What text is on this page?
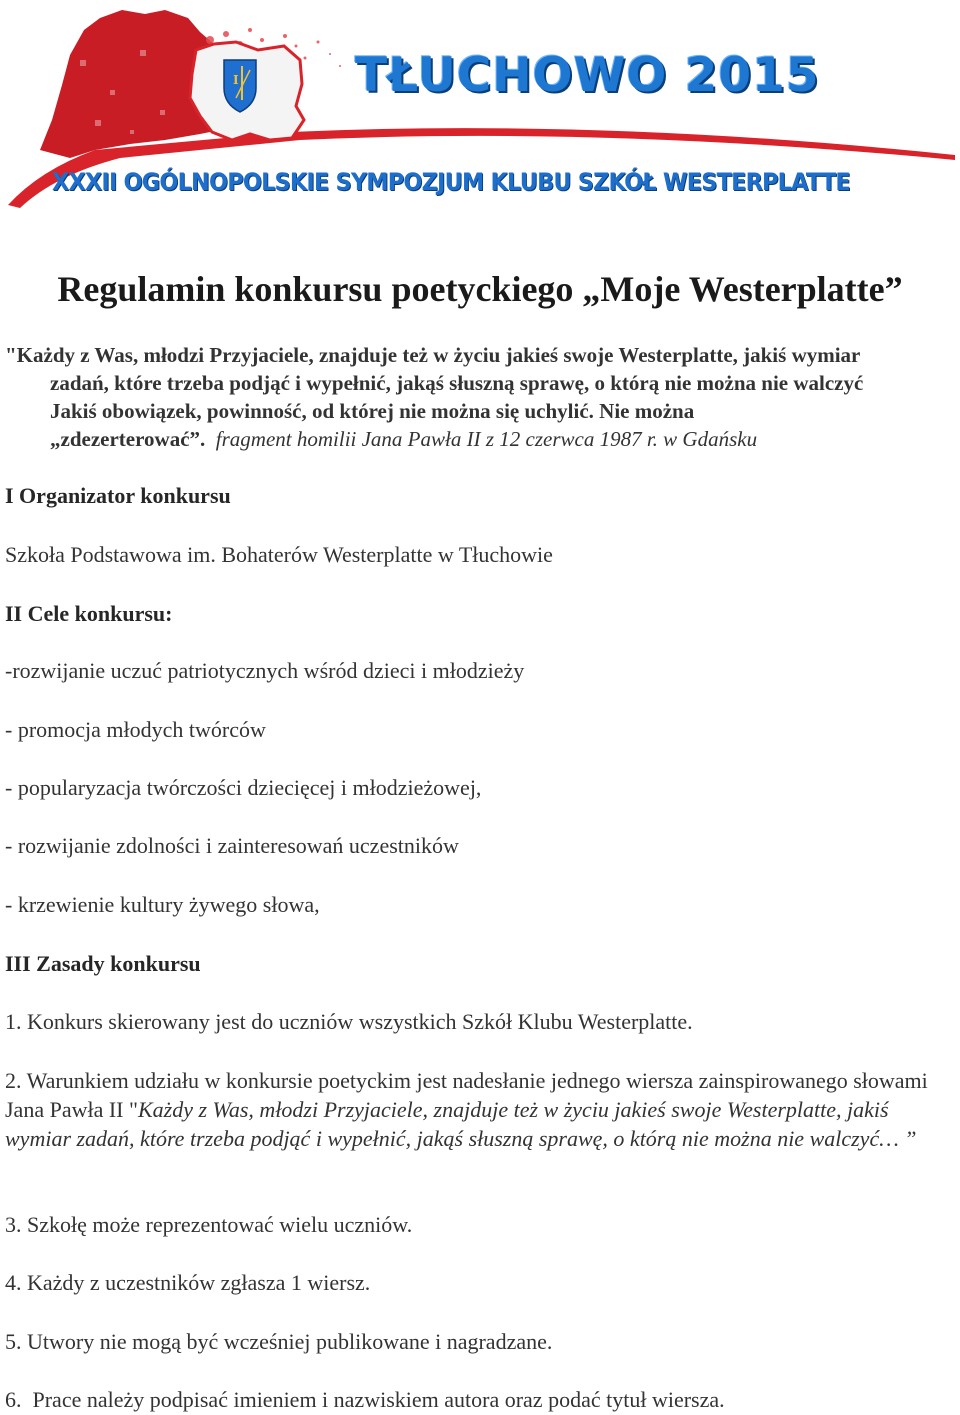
I TŁUCHOWO 2015
XXXII OGÓLNOPOLSKIE SYMPOZJUM KLUBU SZKÓŁ WESTERPLATTE
Regulamin konkursu poetyckiego „Moje Westerplatte”
"Każdy z Was, młodzi Przyjaciele, znajduje też w życiu jakieś swoje Westerplatte, jakiś wymiar
zadań, które trzeba podjąć i wypełnić, jakąś słuszną sprawę, o którą nie można nie walczyć
Jakiś obowiązek, powinność, od której nie można się uchylić. Nie można
„zdezerterować”. fragment homilii Jana Pawła II z 12 czerwca 1987 r. w Gdańsku
I Organizator konkursu
Szkoła Podstawowa im. Bohaterów Westerplatte w Tłuchowie
II Cele konkursu:
-rozwijanie uczuć patriotycznych wśród dzieci i młodzieży
- promocja młodych twórców
- popularyzacja twórczości dziecięcej i młodzieżowej,
- rozwijanie zdolności i zainteresowań uczestników
- krzewienie kultury żywego słowa,
III Zasady konkursu
1. Konkurs skierowany jest do uczniów wszystkich Szkół Klubu Westerplatte.
2. Warunkiem udziału w konkursie poetyckim jest nadesłanie jednego wiersza zainspirowanego słowami Jana Pawła II "Każdy z Was, młodzi Przyjaciele, znajduje też w życiu jakieś swoje Westerplatte, jakiś wymiar zadań, które trzeba podjąć i wypełnić, jakąś słuszną sprawę, o którą nie można nie walczyć… ”
3. Szkołę może reprezentować wielu uczniów.
4. Każdy z uczestników zgłasza 1 wiersz.
5. Utwory nie mogą być wcześniej publikowane i nagradzane.
6.  Prace należy podpisać imieniem i nazwiskiem autora oraz podać tytuł wiersza.
